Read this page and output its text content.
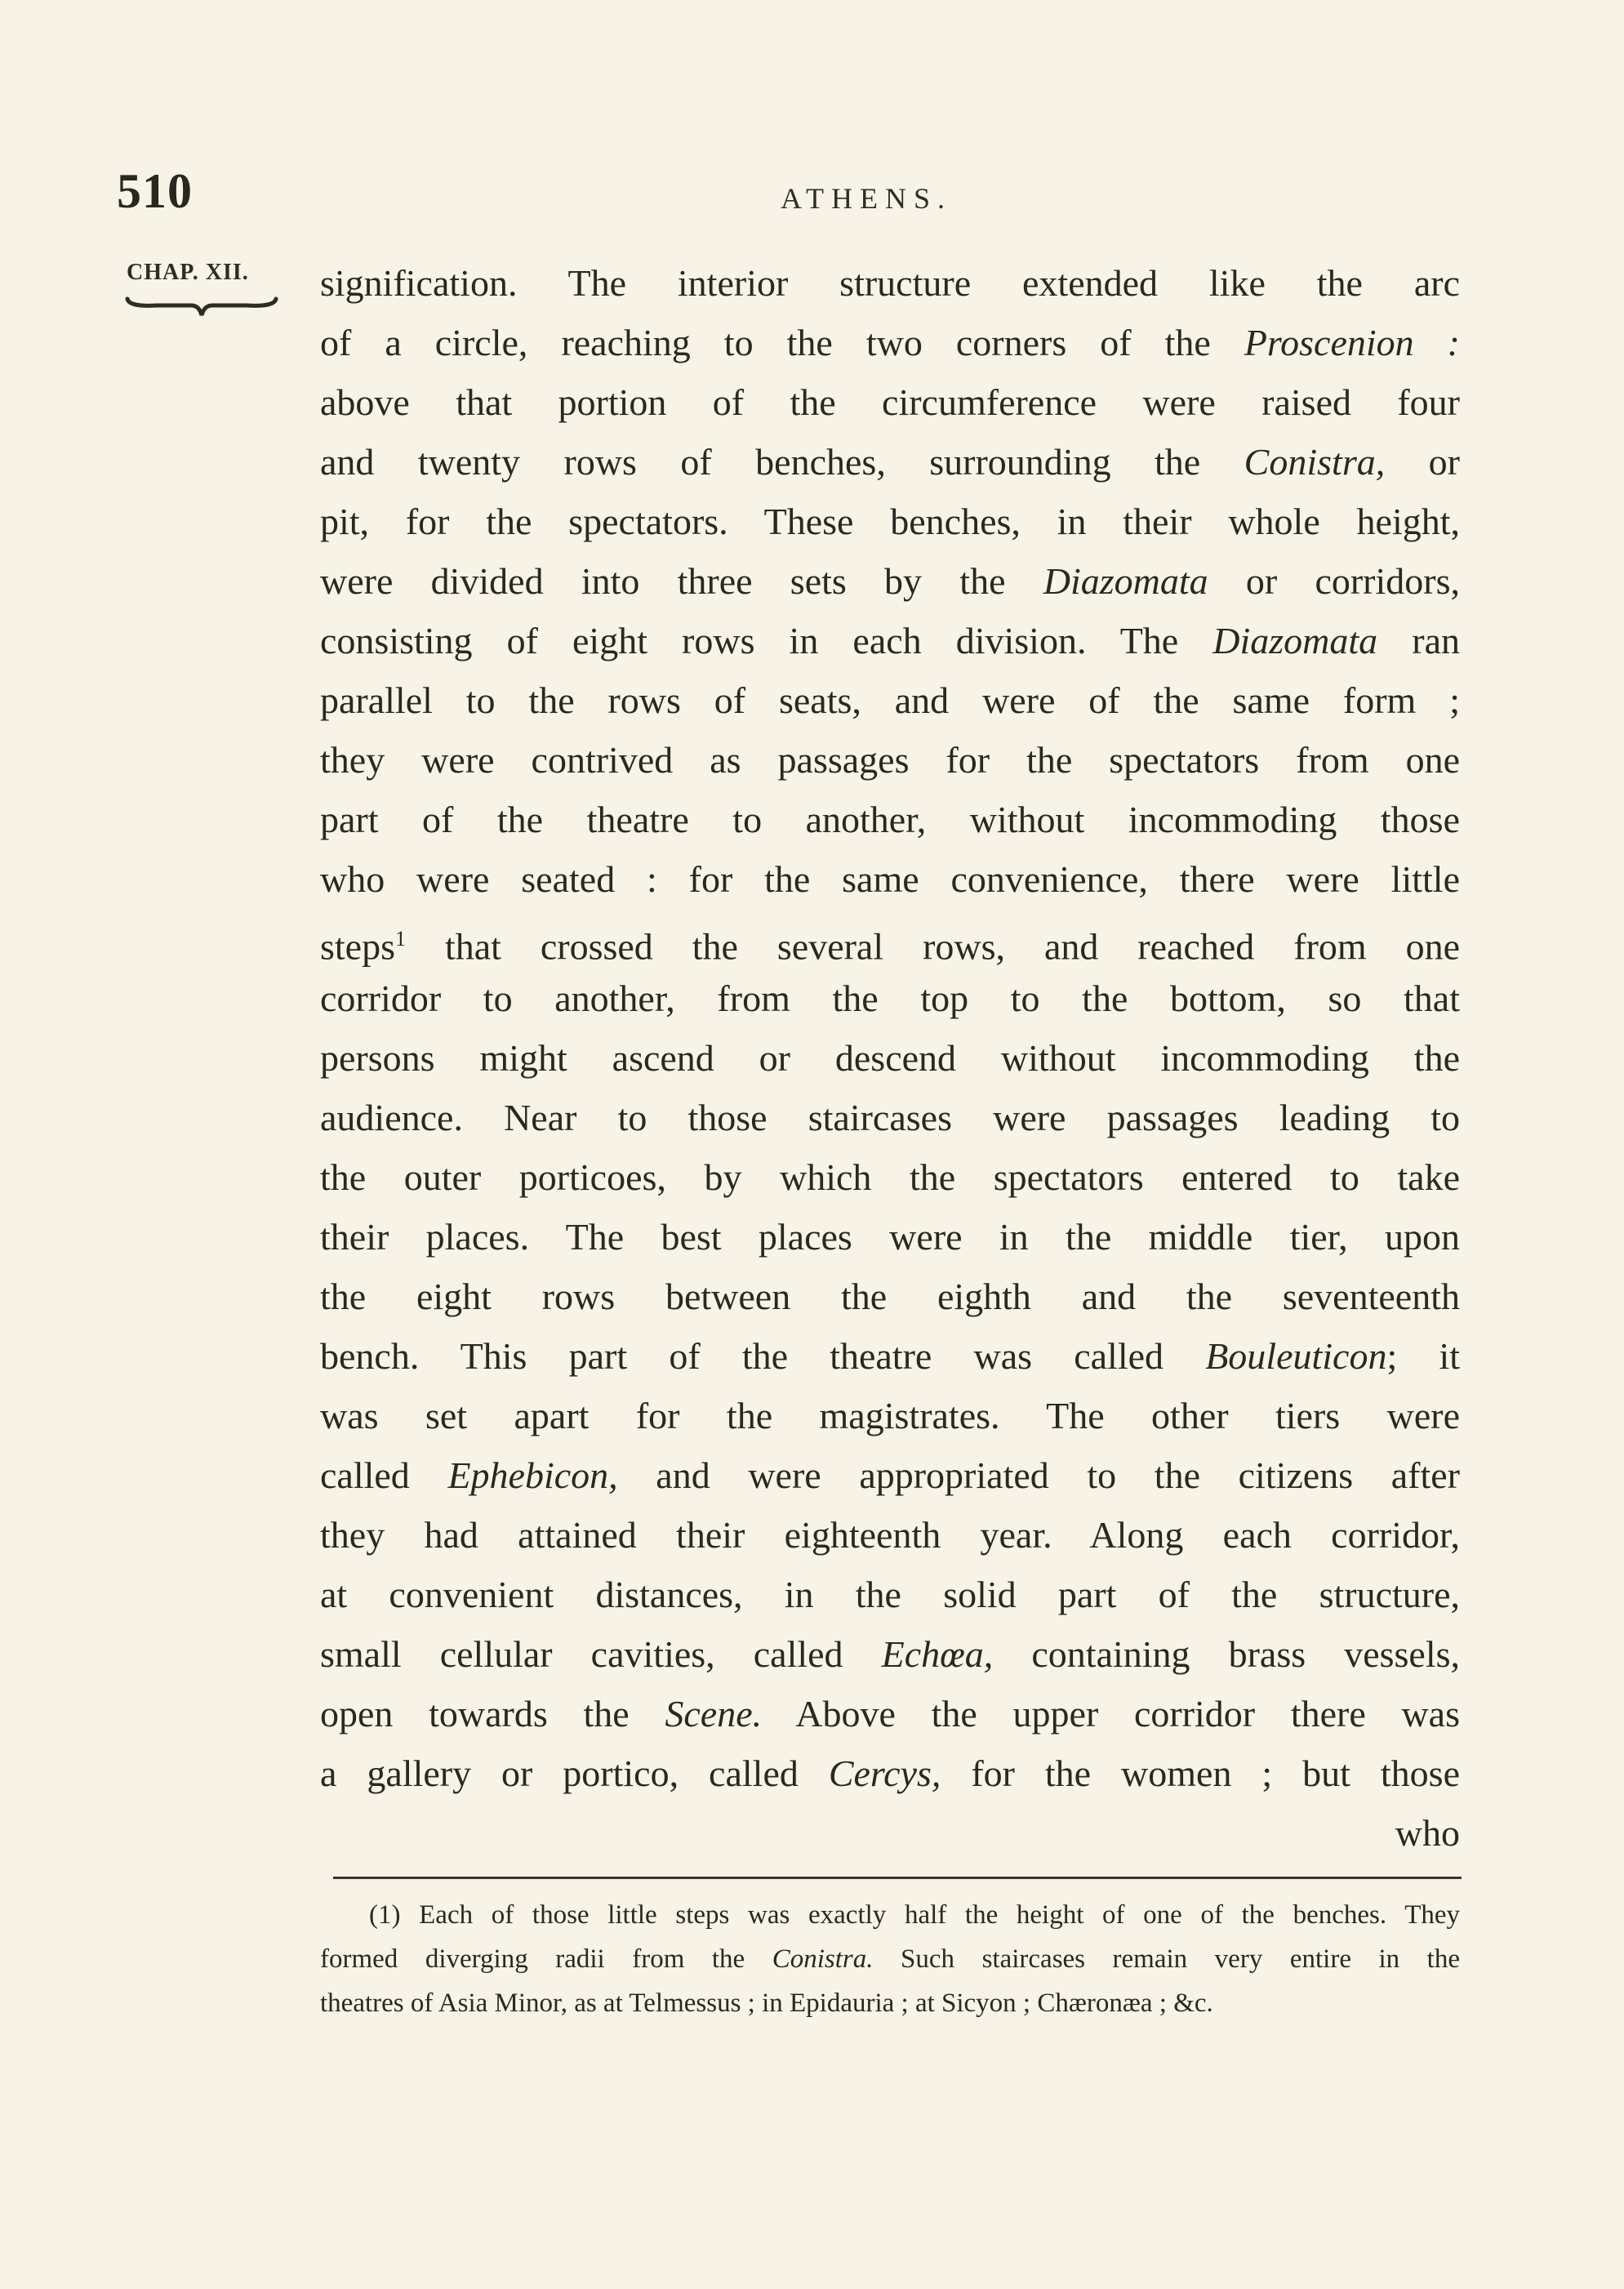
510	ATHENS.
CHAP. XII. signification. The interior structure extended like the arc
of a circle, reaching to the two corners of the Proscenion :
above that portion of the circumference were raised four
and twenty rows of benches, surrounding the Conistra, or
pit, for the spectators. These benches, in their whole height,
were divided into three sets by the Diazomata or corridors,
consisting of eight rows in each division. The Diazomata ran
parallel to the rows of seats, and were of the same form ;
they were contrived as passages for the spectators from one
part of the theatre to another, without incommoding those
who were seated : for the same convenience, there were little
steps$^1$ that crossed the several rows, and reached from one
corridor to another, from the top to the bottom, so that
persons might ascend or descend without incommoding the
audience. Near to those staircases were passages leading to
the outer porticoes, by which the spectators entered to take
their places. The best places were in the middle tier, upon
the eight rows between the eighth and the seventeenth
bench. This part of the theatre was called Bouleuticon; it
was set apart for the magistrates. The other tiers were
called Ephebicon, and were appropriated to the citizens after
they had attained their eighteenth year. Along each corridor,
at convenient distances, in the solid part of the structure,
small cellular cavities, called Echœa, containing brass vessels,
open towards the Scene. Above the upper corridor there was
a gallery or portico, called Cercys, for the women ; but those
who
(1) Each of those little steps was exactly half the height of one of the benches. They
formed diverging radii from the Conistra. Such staircases remain very entire in the
theatres of Asia Minor, as at Telmessus ; in Epidauria ; at Sicyon ; Chæronæa ; &c.
